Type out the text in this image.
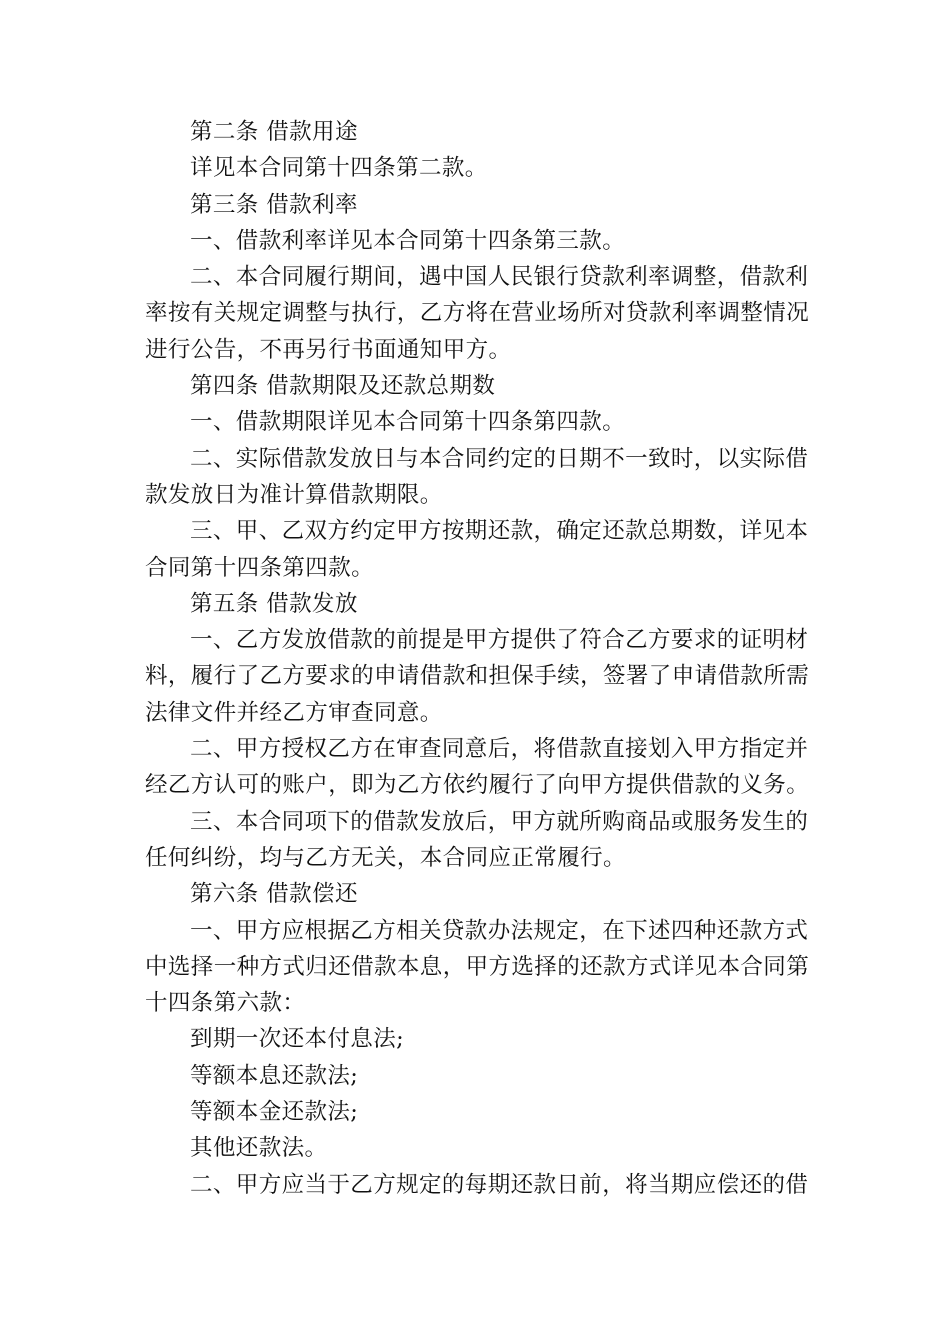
第二条 借款用途
详见本合同第十四条第二款。
第三条 借款利率
一、借款利率详见本合同第十四条第三款。
二、本合同履行期间，遇中国人民银行贷款利率调整，借款利
率按有关规定调整与执行，乙方将在营业场所对贷款利率调整情况
进行公告，不再另行书面通知甲方。
第四条 借款期限及还款总期数
一、借款期限详见本合同第十四条第四款。
二、实际借款发放日与本合同约定的日期不一致时，以实际借
款发放日为准计算借款期限。
三、甲、乙双方约定甲方按期还款，确定还款总期数，详见本
合同第十四条第四款。
第五条 借款发放
一、乙方发放借款的前提是甲方提供了符合乙方要求的证明材
料，履行了乙方要求的申请借款和担保手续，签署了申请借款所需
法律文件并经乙方审查同意。
二、甲方授权乙方在审查同意后，将借款直接划入甲方指定并
经乙方认可的账户，即为乙方依约履行了向甲方提供借款的义务。
三、本合同项下的借款发放后，甲方就所购商品或服务发生的
任何纠纷，均与乙方无关，本合同应正常履行。
第六条 借款偿还
一、甲方应根据乙方相关贷款办法规定，在下述四种还款方式
中选择一种方式归还借款本息，甲方选择的还款方式详见本合同第
十四条第六款：
到期一次还本付息法;
等额本息还款法;
等额本金还款法;
其他还款法。
二、甲方应当于乙方规定的每期还款日前，将当期应偿还的借
